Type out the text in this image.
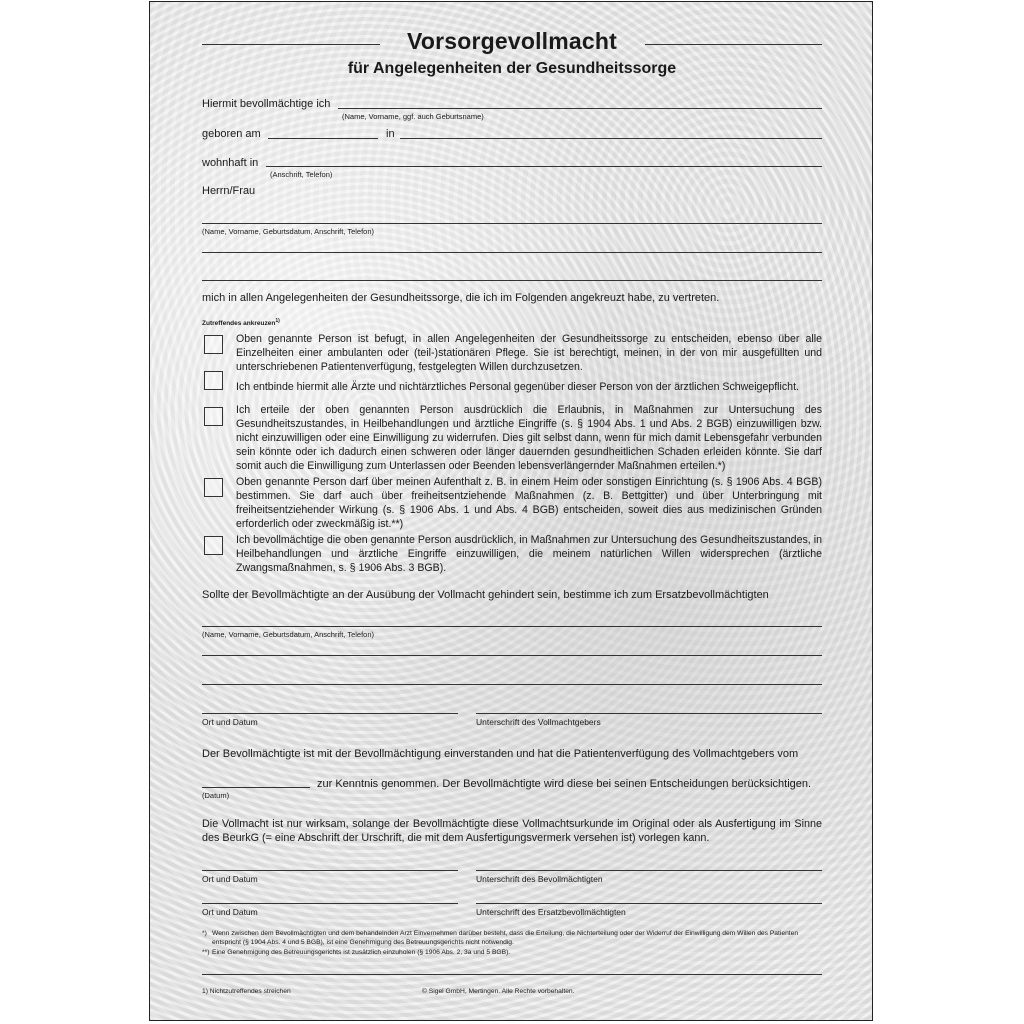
Vorsorgevollmacht
für Angelegenheiten der Gesundheitssorge
Hiermit bevollmächtige ich
(Name, Vorname, ggf. auch Geburtsname)
geboren am	in
wohnhaft in
(Anschrift, Telefon)
Herrn/Frau
(Name, Vorname, Geburtsdatum, Anschrift, Telefon)
mich in allen Angelegenheiten der Gesundheitssorge, die ich im Folgenden angekreuzt habe, zu vertreten.
Zutreffendes ankreuzen$^{1)}$
Oben genannte Person ist befugt, in allen Angelegenheiten der Gesundheitssorge zu entscheiden, ebenso über alle Einzelheiten einer ambulanten oder (teil-)stationären Pflege. Sie ist berechtigt, meinen, in der von mir ausgefüllten und unterschriebenen Patientenverfügung, festgelegten Willen durchzusetzen.
Ich entbinde hiermit alle Ärzte und nichtärztliches Personal gegenüber dieser Person von der ärztlichen Schweigepflicht.
Ich erteile der oben genannten Person ausdrücklich die Erlaubnis, in Maßnahmen zur Untersuchung des Gesundheitszustandes, in Heilbehandlungen und ärztliche Eingriffe (s. § 1904 Abs. 1 und Abs. 2 BGB) einzuwilligen bzw. nicht einzuwilligen oder eine Einwilligung zu widerrufen. Dies gilt selbst dann, wenn für mich damit Lebensgefahr verbunden sein könnte oder ich dadurch einen schweren oder länger dauernden gesundheitlichen Schaden erleiden könnte. Sie darf somit auch die Einwilligung zum Unterlassen oder Beenden lebensverlängernder Maßnahmen erteilen.*)
Oben genannte Person darf über meinen Aufenthalt z. B. in einem Heim oder sonstigen Einrichtung (s. § 1906 Abs. 4 BGB) bestimmen. Sie darf auch über freiheitsentziehende Maßnahmen (z. B. Bettgitter) und über Unterbringung mit freiheitsentziehender Wirkung (s. § 1906 Abs. 1 und Abs. 4 BGB) entscheiden, soweit dies aus medizinischen Gründen erforderlich oder zweckmäßig ist.**)
Ich bevollmächtige die oben genannte Person ausdrücklich, in Maßnahmen zur Untersuchung des Gesundheitszustandes, in Heilbehandlungen und ärztliche Eingriffe einzuwilligen, die meinem natürlichen Willen widersprechen (ärztliche Zwangsmaßnahmen, s. § 1906 Abs. 3 BGB).
Sollte der Bevollmächtigte an der Ausübung der Vollmacht gehindert sein, bestimme ich zum Ersatzbevollmächtigten
(Name, Vorname, Geburtsdatum, Anschrift, Telefon)
Ort und Datum	Unterschrift des Vollmachtgebers
Der Bevollmächtigte ist mit der Bevollmächtigung einverstanden und hat die Patientenverfügung des Vollmachtgebers vom
(Datum)
zur Kenntnis genommen. Der Bevollmächtigte wird diese bei seinen Entscheidungen berücksichtigen.
Die Vollmacht ist nur wirksam, solange der Bevollmächtigte diese Vollmachtsurkunde im Original oder als Ausfertigung im Sinne des BeurkG (= eine Abschrift der Urschrift, die mit dem Ausfertigungsvermerk versehen ist) vorlegen kann.
Ort und Datum	Unterschrift des Bevollmächtigten
Ort und Datum	Unterschrift des Ersatzbevollmächtigten
*) Wenn zwischen dem Bevollmächtigten und dem behandelnden Arzt Einvernehmen darüber besteht, dass die Erteilung, die Nichterteilung oder der Widerruf der Einwilligung dem Willen des Patienten entspricht (§ 1904 Abs. 4 und 5 BGB), ist eine Genehmigung des Betreuungsgerichts nicht notwendig.
**) Eine Genehmigung des Betreuungsgerichts ist zusätzlich einzuholen (§ 1906 Abs. 2, 3a und 5 BGB).
1) Nichtzutreffendes streichen	© Sigel GmbH, Mertingen. Alle Rechte vorbehalten.
